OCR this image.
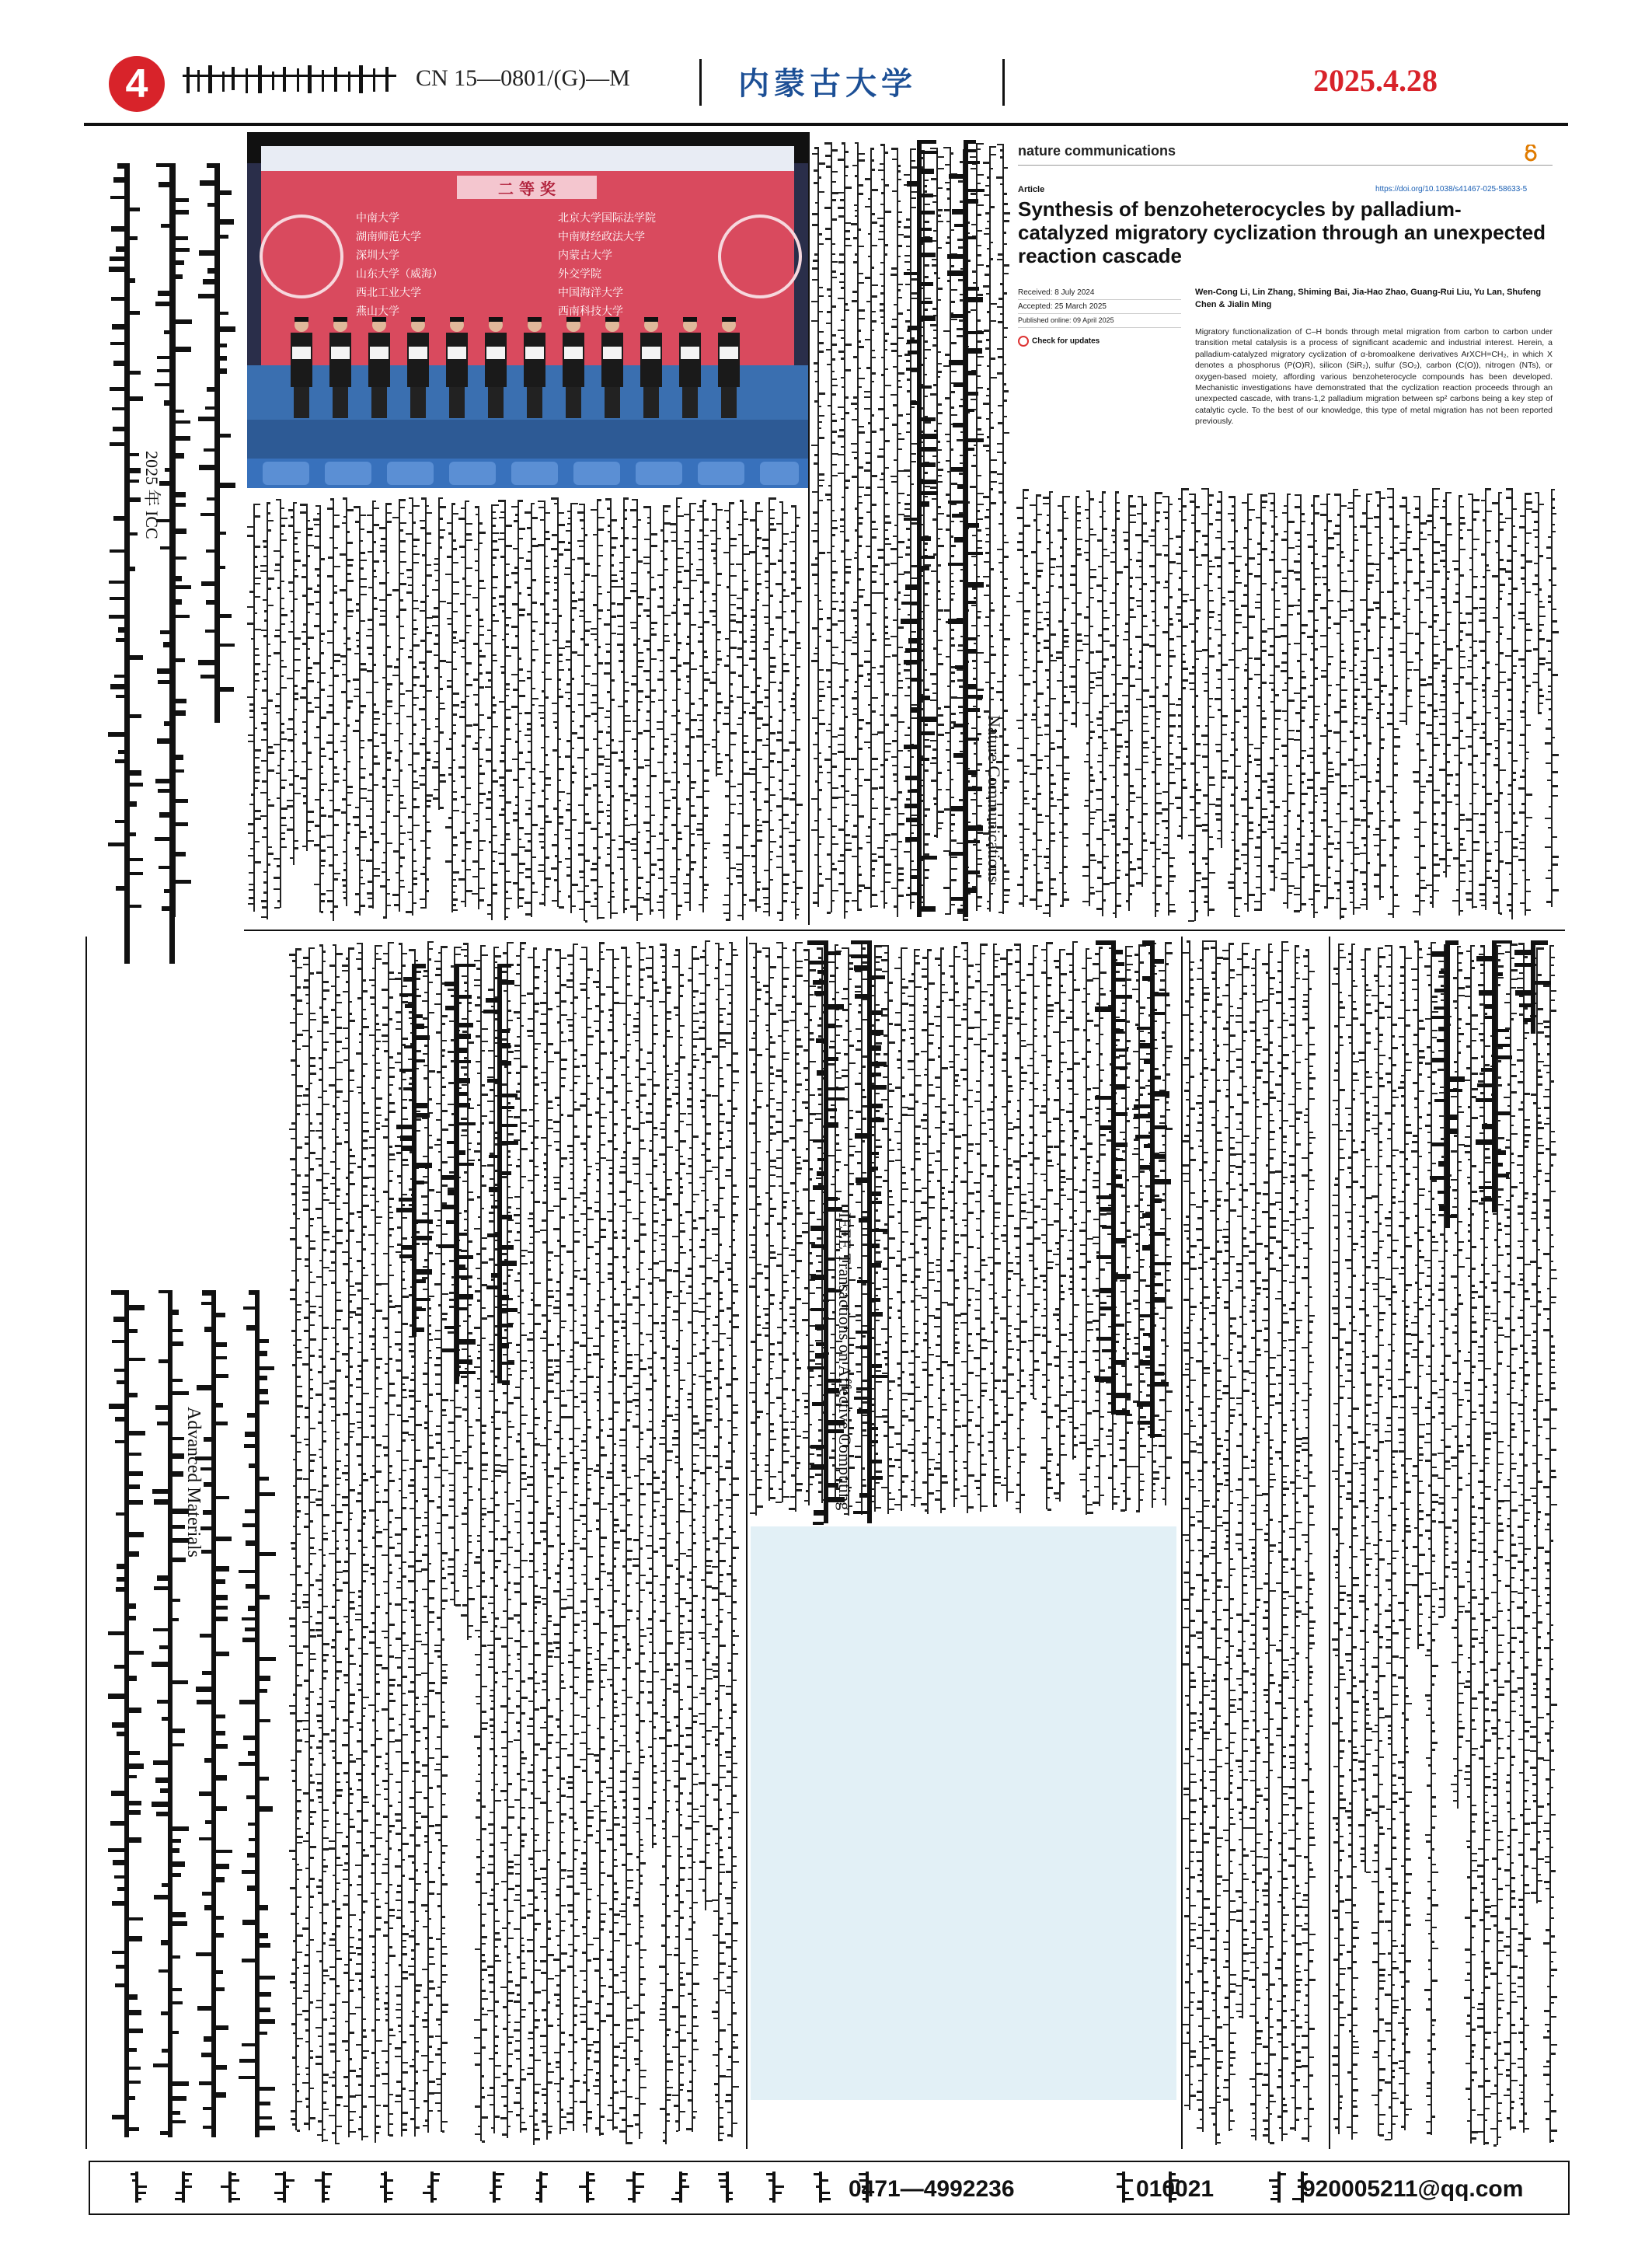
4	CN 15—0801/(G)—M	内蒙古大学	2025.4.28
二 等 奖
中南大学
湖南师范大学
深圳大学
山东大学（威海）
西北工业大学
燕山大学
北京大学国际法学院
中南财经政法大学
内蒙古大学
外交学院
中国海洋大学
西南科技大学
nature communications
Article	https://doi.org/10.1038/s41467-025-58633-5
Synthesis of benzoheterocycles by palladium-catalyzed migratory cyclization through an unexpected reaction cascade
Received: 8 July 2024
Accepted: 25 March 2025
Published online: 09 April 2025
Check for updates
Wen-Cong Li, Lin Zhang, Shiming Bai, Jia-Hao Zhao, Guang-Rui Liu, Yu Lan, Shufeng Chen & Jialin Ming
Migratory functionalization of C–H bonds through metal migration from carbon to carbon under transition metal catalysis is a process of significant academic and industrial interest. Herein, a palladium-catalyzed migratory cyclization of α-bromoalkene derivatives ArXCH=CH₂, in which X denotes a phosphorus (P(O)R), silicon (SiR₂), sulfur (SO₂), carbon (C(O)), nitrogen (NTs), or oxygen-based moiety, affording various benzoheterocycle compounds has been developed. Mechanistic investigations have demonstrated that the cyclization reaction proceeds through an unexpected cascade, with trans-1,2 palladium migration between sp² carbons being a key step of catalytic cycle. To the best of our knowledge, this type of metal migration has not been reported previously.
Nature Communications
IEEE Transactions on Affective Computing
Advanced Materials
2025 年 ICC
0471—4992236	010021	920005211@qq.com
